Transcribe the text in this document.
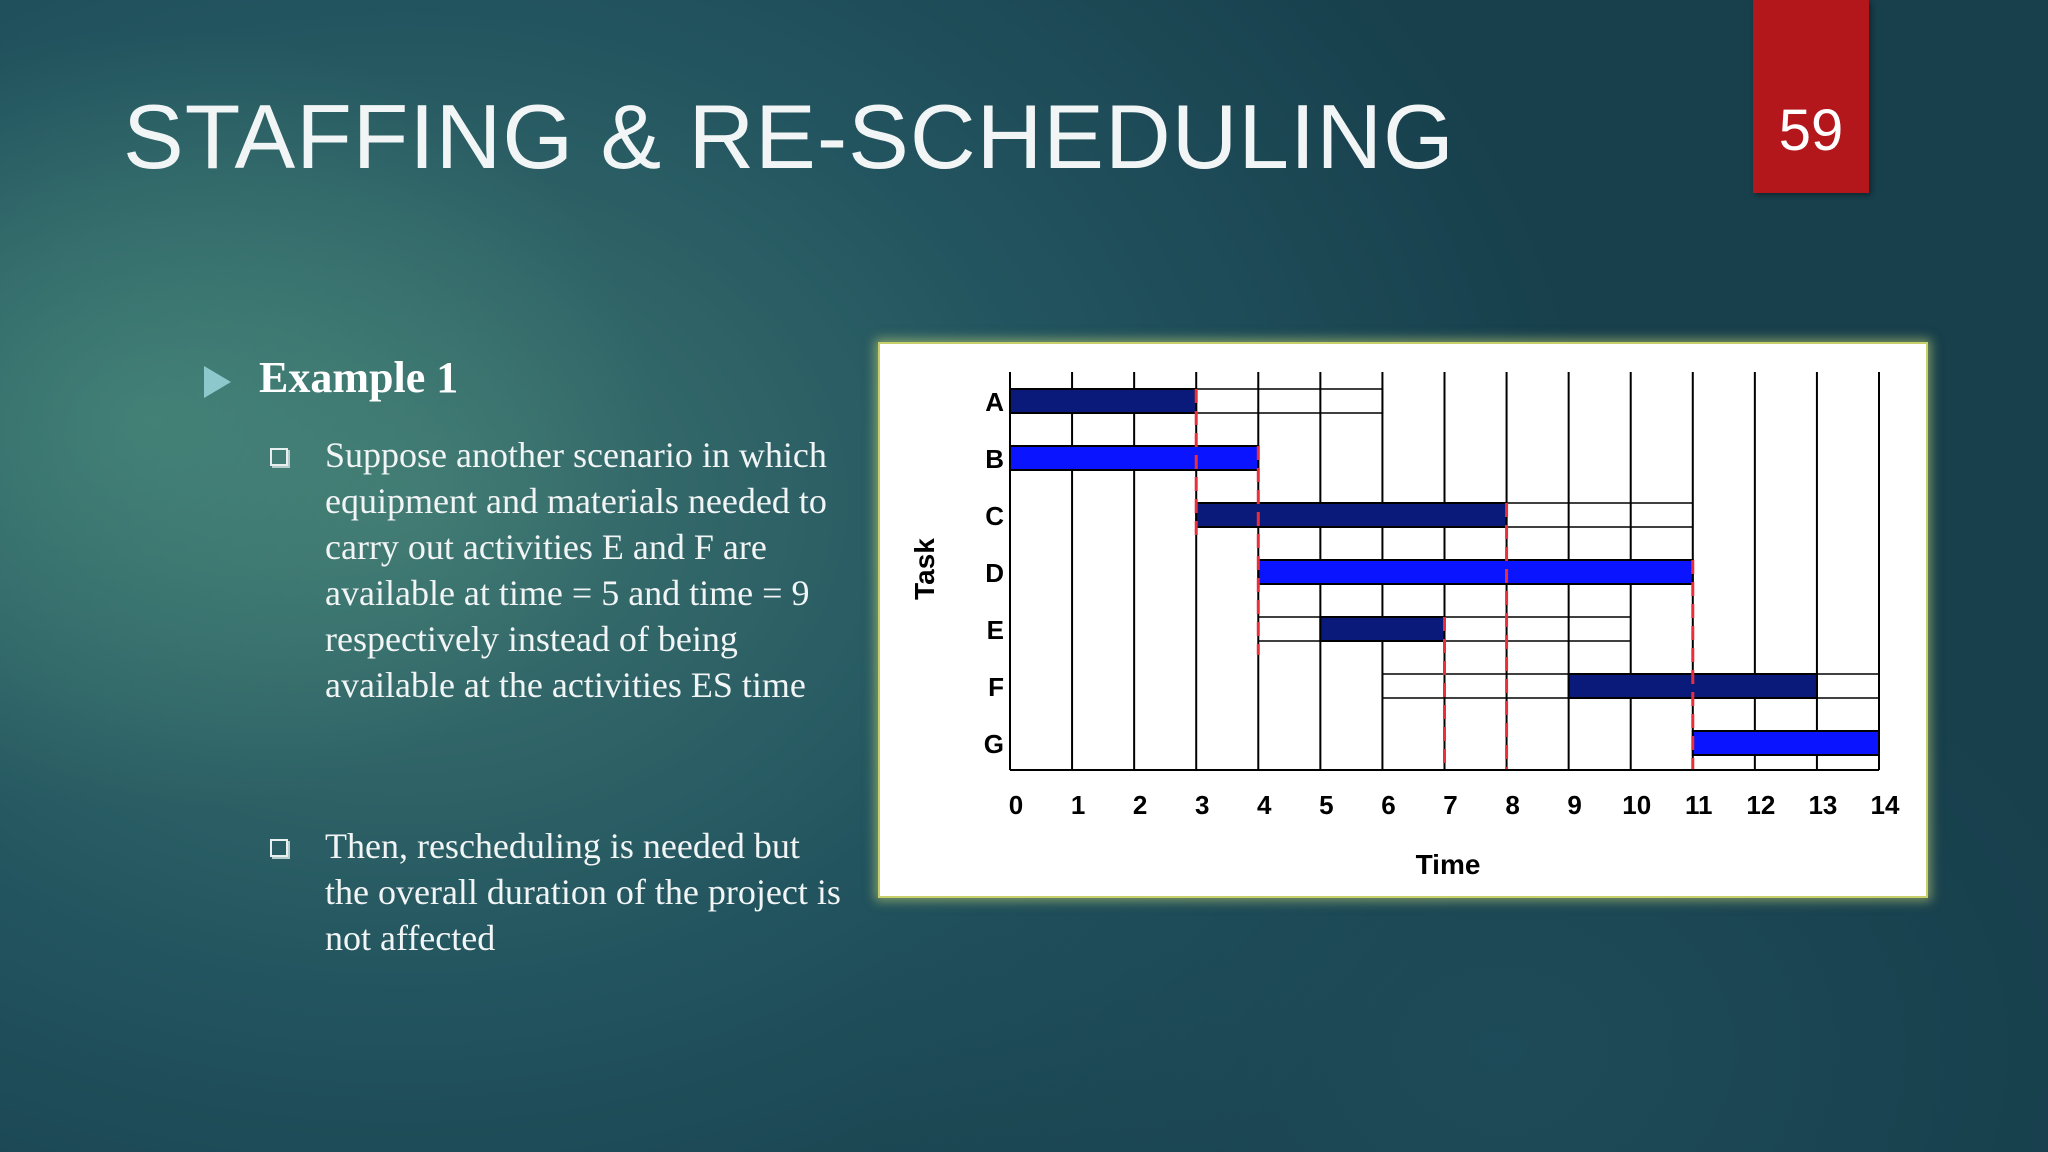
STAFFING & RE-SCHEDULING	59
Example 1
Suppose another scenario in which equipment and materials needed to carry out activities E and F are available at time = 5 and time = 9 respectively instead of being available at the activities ES time
Then, rescheduling is needed but the overall duration of the project is not affected
A
B
C
D
E
F
G
0 1 2 3 4 5 6 7 8 9 10 11 12 13 14
Time
Task
